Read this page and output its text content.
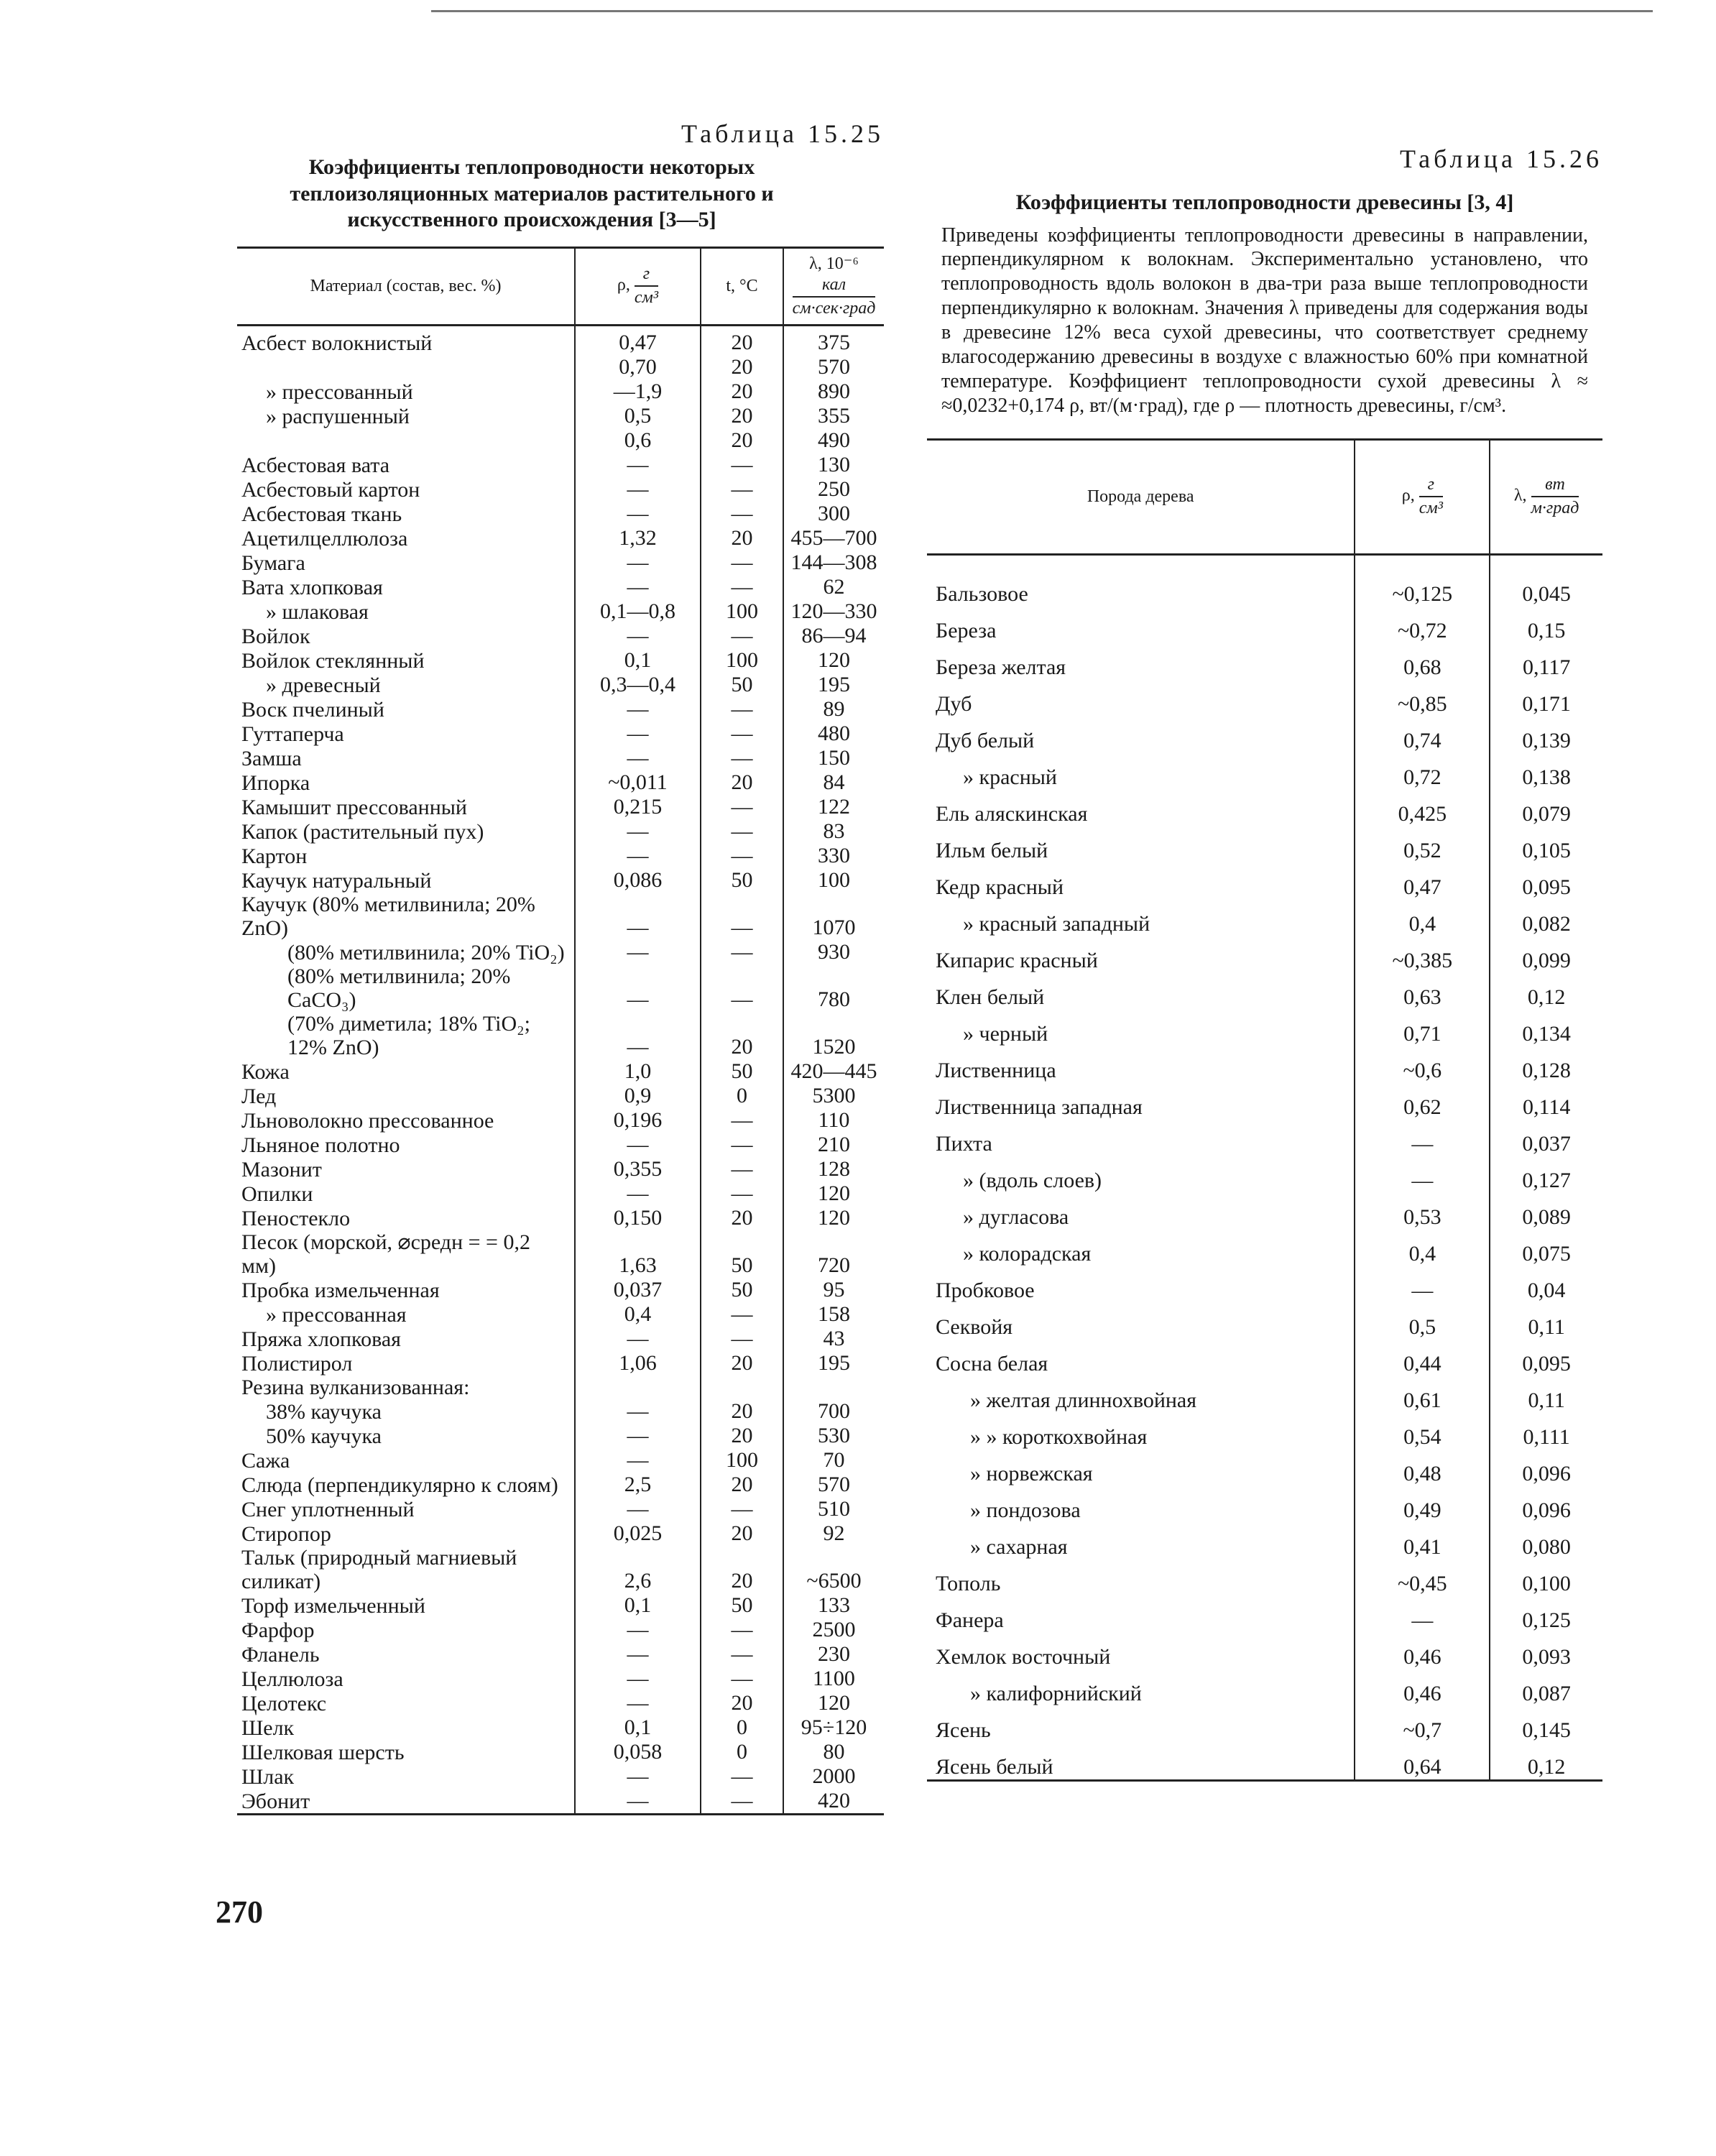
Таблица 15.25

Коэффициенты теплопроводности некоторых теплоизоляционных материалов растительного и искусственного происхождения [3—5]
Материал (состав, вес. %)	ρ, $\frac{г}{\text{см³}}$	t, °С	λ, 10⁻⁶
$\frac{\text{кал}}{\text{см·сек·град}}$

Асбест волокнистый	0,47	20	375
	0,70	20	570
» прессованный	—1,9	20	890
» распушенный	0,5	20	355
	0,6	20	490
Асбестовая вата	—	—	130
Асбестовый картон	—	—	250
Асбестовая ткань	—	—	300
Ацетилцеллюлоза	1,32	20	455—700
Бумага	—	—	144—308
Вата хлопковая	—	—	62
» шлаковая	0,1—0,8	100	120—330
Войлок	—	—	86—94
Войлок стеклянный	0,1	100	120
» древесный	0,3—0,4	50	195
Воск пчелиный	—	—	89
Гуттаперча	—	—	480
Замша	—	—	150
Ипорка	~0,011	20	84
Камышит прессованный	0,215	—	122
Капок (растительный пух)	—	—	83
Картон	—	—	330
Каучук натуральный	0,086	50	100
Каучук (80% метилвинила; 20% ZnO)	—	—	1070
(80% метилвинила; 20% TiO₂)	—	—	930
(80% метилвинила; 20% CaCO₃)	—	—	780
(70% диметила; 18% TiO₂; 12% ZnO)	—	20	1520
Кожа	1,0	50	420—445
Лед	0,9	0	5300
Льноволокно прессованное	0,196	—	110
Льняное полотно	—	—	210
Мазонит	0,355	—	128
Опилки	—	—	120
Пеностекло	0,150	20	120
Песок (морской, ⌀средн = = 0,2 мм)	1,63	50	720
Пробка измельченная	0,037	50	95
» прессованная	0,4	—	158
Пряжа хлопковая	—	—	43
Полистирол	1,06	20	195
Резина вулканизованная:			
38% каучука	—	20	700
50% каучука	—	20	530
Сажа	—	100	70
Слюда (перпендикулярно к слоям)	2,5	20	570
Снег уплотненный	—	—	510
Стиропор	0,025	20	92
Тальк (природный магниевый силикат)	2,6	20	~6500
Торф измельченный	0,1	50	133
Фарфор	—	—	2500
Фланель	—	—	230
Целлюлоза	—	—	1100
Целотекс	—	20	120
Шелк	0,1	0	95÷120
Шелковая шерсть	0,058	0	80
Шлак	—	—	2000
Эбонит	—	—	420

Таблица 15.26

Коэффициенты теплопроводности древесины [3, 4]
Приведены коэффициенты теплопроводности древесины в направлении, перпендикулярном к волокнам. Экспериментально установлено, что теплопроводность вдоль волокон в два-три раза выше теплопроводности перпендикулярно к волокнам. Значения λ приведены для содержания воды в древесине 12% веса сухой древесины, что соответствует среднему влагосодержанию древесины в воздухе с влажностью 60% при комнатной температуре. Коэффициент теплопроводности сухой древесины λ ≈ ≈0,0232+0,174 ρ, вт/(м·град), где ρ — плотность древесины, г/см³.
Порода дерева	ρ, $\frac{г}{\text{см³}}$	λ, $\frac{вт}{\text{м·град}}$

Бальзовое	~0,125	0,045
Береза	~0,72	0,15
Береза желтая	0,68	0,117
Дуб	~0,85	0,171
Дуб белый	0,74	0,139
» красный	0,72	0,138
Ель аляскинская	0,425	0,079
Ильм белый	0,52	0,105
Кедр красный	0,47	0,095
» красный западный	0,4	0,082
Кипарис красный	~0,385	0,099
Клен белый	0,63	0,12
» черный	0,71	0,134
Лиственница	~0,6	0,128
Лиственница западная	0,62	0,114
Пихта	—	0,037
» (вдоль слоев)	—	0,127
» дугласова	0,53	0,089
» колорадская	0,4	0,075
Пробковое	—	0,04
Секвойя	0,5	0,11
Сосна белая	0,44	0,095
» желтая длиннохвойная	0,61	0,11
» » короткохвойная	0,54	0,111
» норвежская	0,48	0,096
» пондозова	0,49	0,096
» сахарная	0,41	0,080
Тополь	~0,45	0,100
Фанера	—	0,125
Хемлок восточный	0,46	0,093
» калифорнийский	0,46	0,087
Ясень	~0,7	0,145
Ясень белый	0,64	0,12
270
